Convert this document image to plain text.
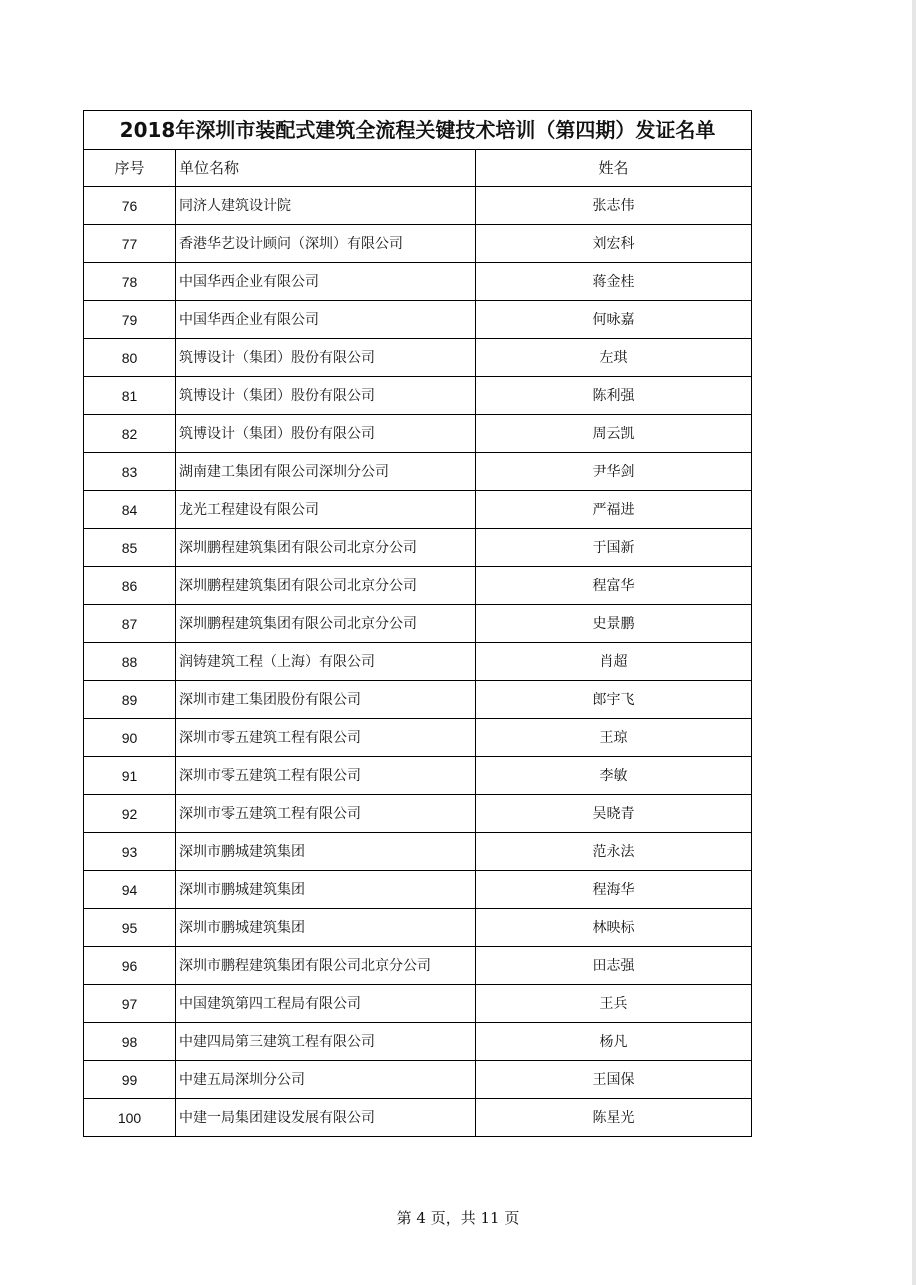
2018年深圳市装配式建筑全流程关键技术培训（第四期）发证名单		
序号	单位名称	姓名
76	同济人建筑设计院	张志伟
77	香港华艺设计顾问（深圳）有限公司	刘宏科
78	中国华西企业有限公司	蒋金桂
79	中国华西企业有限公司	何咏嘉
80	筑博设计（集团）股份有限公司	左琪
81	筑博设计（集团）股份有限公司	陈利强
82	筑博设计（集团）股份有限公司	周云凯
83	湖南建工集团有限公司深圳分公司	尹华剑
84	龙光工程建设有限公司	严福进
85	深圳鹏程建筑集团有限公司北京分公司	于国新
86	深圳鹏程建筑集团有限公司北京分公司	程富华
87	深圳鹏程建筑集团有限公司北京分公司	史景鹏
88	润铸建筑工程（上海）有限公司	肖超
89	深圳市建工集团股份有限公司	郎宇飞
90	深圳市零五建筑工程有限公司	王琼
91	深圳市零五建筑工程有限公司	李敏
92	深圳市零五建筑工程有限公司	吴晓青
93	深圳市鹏城建筑集团	范永法
94	深圳市鹏城建筑集团	程海华
95	深圳市鹏城建筑集团	林映标
96	深圳市鹏程建筑集团有限公司北京分公司	田志强
97	中国建筑第四工程局有限公司	王兵
98	中建四局第三建筑工程有限公司	杨凡
99	中建五局深圳分公司	王国保
100	中建一局集团建设发展有限公司	陈星光
第 4 页，共 11 页
